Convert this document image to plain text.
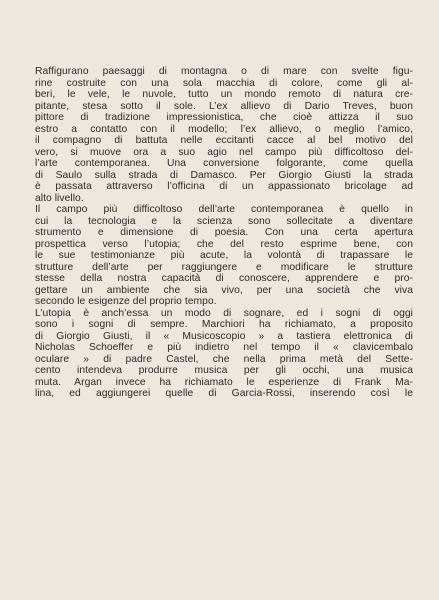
Raffigurano paesaggi di montagna o di mare con svelte figu-
rine costruite con una sola macchia di colore, come gli al-
beri, le vele, le nuvole, tutto un mondo remoto di natura cre-
pitante, stesa sotto il sole. L’ex allievo di Dario Treves, buon
pittore di tradizione impressionistica, che cioè attizza il suo
estro a contatto con il modello; l’ex allievo, o meglio l’amico,
il compagno di battuta nelle eccitanti cacce al bel motivo del
vero, si muove ora a suo agio nel campo più difficoltoso del-
l’arte contemporanea. Una conversione folgorante, come quella
di Saulo sulla strada di Damasco. Per Giorgio Giusti la strada
è passata attraverso l’officina di un appassionato bricolage ad
alto livello.
Il campo più difficoltoso dell’arte contemporanea è quello in
cui la tecnologia e la scienza sono sollecitate a diventare
strumento e dimensione di poesia. Con una certa apertura
prospettica verso l’utopia; che del resto esprime bene, con
le sue testimonianze più acute, la volontà di trapassare le
strutture dell’arte per raggiungere e modificare le strutture
stesse della nostra capacità di conoscere, apprendere e pro-
gettare un ambiente che sia vivo, per una società che viva
secondo le esigenze del proprio tempo.
L’utopia è anch’essa un modo di sognare, ed i sogni di oggi
sono i sogni di sempre. Marchiori ha richiamato, a proposito
di Giorgio Giusti, il « Musicoscopio » a tastiera elettronica di
Nicholas Schoeffer e più indietro nel tempo il « clavicembalo
oculare » di padre Castel, che nella prima metà del Sette-
cento intendeva produrre musica per gli occhi, una musica
muta. Argan invece ha richiamato le esperienze di Frank Ma-
lina, ed aggiungerei quelle di Garcia-Rossi, inserendo così le
